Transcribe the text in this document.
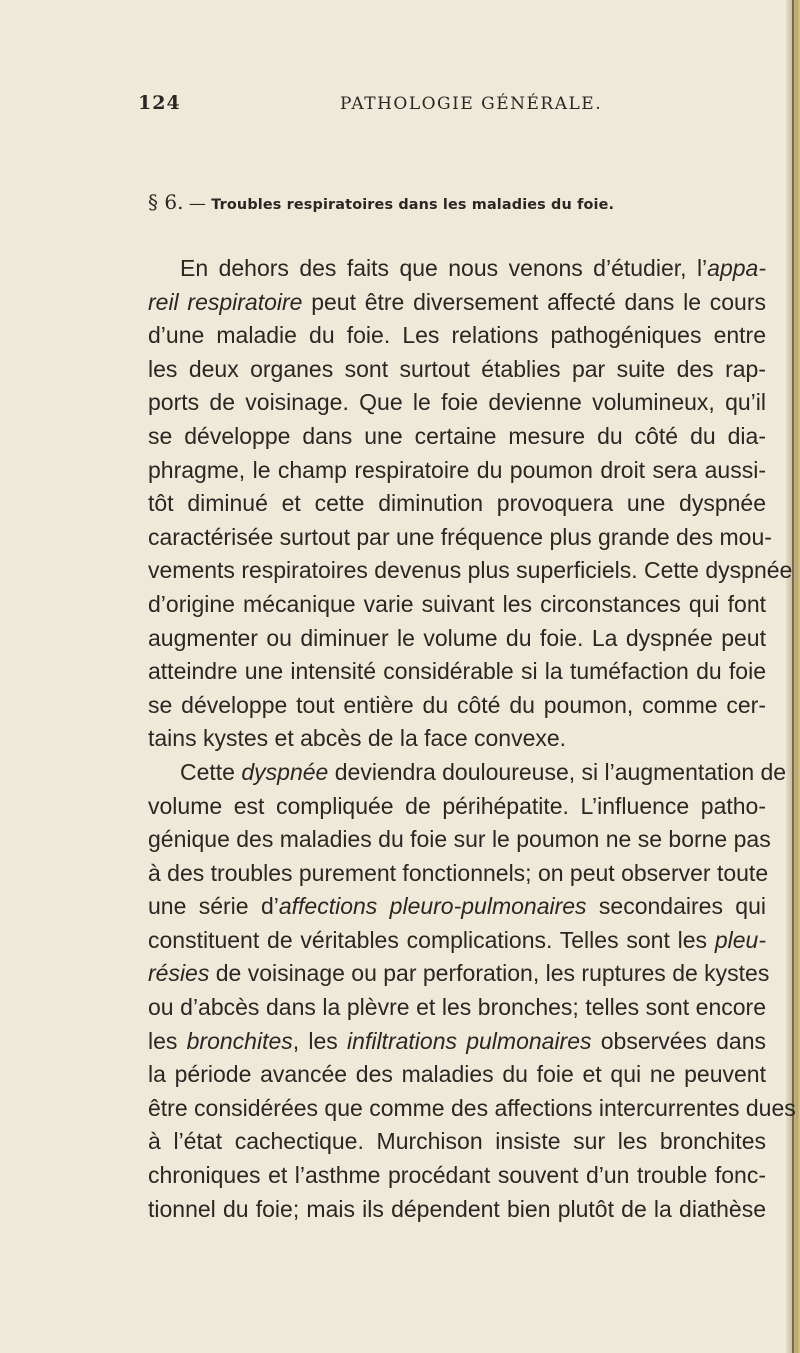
124	PATHOLOGIE GÉNÉRALE.
§ 6. — Troubles respiratoires dans les maladies du foie.
En dehors des faits que nous venons d’étudier, l’appa-
reil respiratoire peut être diversement affecté dans le cours
d’une maladie du foie. Les relations pathogéniques entre
les deux organes sont surtout établies par suite des rap-
ports de voisinage. Que le foie devienne volumineux, qu’il
se développe dans une certaine mesure du côté du dia-
phragme, le champ respiratoire du poumon droit sera aussi-
tôt diminué et cette diminution provoquera une dyspnée
caractérisée surtout par une fréquence plus grande des mou-
vements respiratoires devenus plus superficiels. Cette dyspnée
d’origine mécanique varie suivant les circonstances qui font
augmenter ou diminuer le volume du foie. La dyspnée peut
atteindre une intensité considérable si la tuméfaction du foie
se développe tout entière du côté du poumon, comme cer-
tains kystes et abcès de la face convexe.
Cette dyspnée deviendra douloureuse, si l’augmentation de
volume est compliquée de périhépatite. L’influence patho-
génique des maladies du foie sur le poumon ne se borne pas
à des troubles purement fonctionnels; on peut observer toute
une série d’affections pleuro-pulmonaires secondaires qui
constituent de véritables complications. Telles sont les pleu-
résies de voisinage ou par perforation, les ruptures de kystes
ou d’abcès dans la plèvre et les bronches; telles sont encore
les bronchites, les infiltrations pulmonaires observées dans
la période avancée des maladies du foie et qui ne peuvent
être considérées que comme des affections intercurrentes dues
à l’état cachectique. Murchison insiste sur les bronchites
chroniques et l’asthme procédant souvent d’un trouble fonc-
tionnel du foie; mais ils dépendent bien plutôt de la diathèse
